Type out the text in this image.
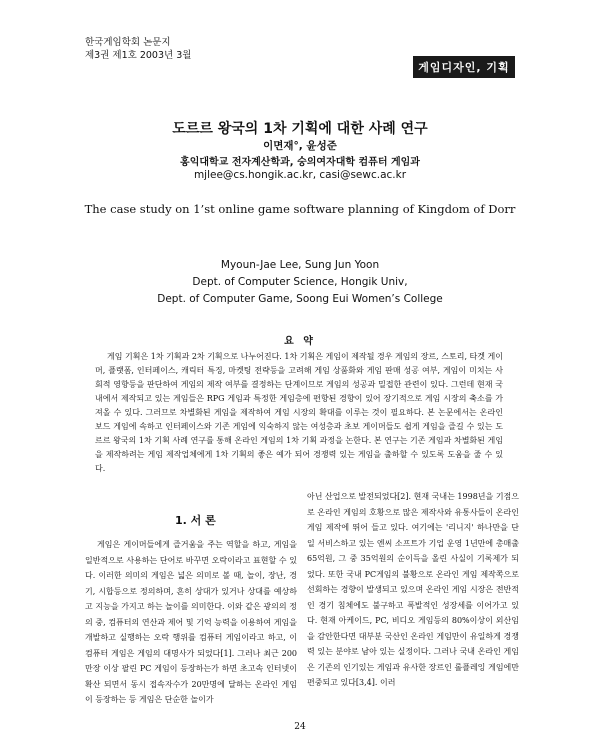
한국게임학회 논문지
제3권 제1호 2003년 3월
게임디자인, 기획
도르르 왕국의 1차 기획에 대한 사례 연구
이면재°, 윤성준
홍익대학교 전자계산학과, 숭의여자대학 컴퓨터 게임과
mjlee@cs.hongik.ac.kr, casi@sewc.ac.kr
The case study on 1’st online game software planning of Kingdom of Dorr
Myoun-Jae Lee, Sung Jun Yoon
Dept. of Computer Science, Hongik Univ,
Dept. of Computer Game, Soong Eui Women’s College
요 약
게임 기획은 1차 기획과 2차 기획으로 나누어진다. 1차 기획은 게임이 제작될 경우 게임의 장르, 스토리, 타겟 게이머, 플랫폼, 인터페이스, 캐릭터 특징, 마켓팅 전략등을 고려해 게임 상품화와 게임 판매 성공 여부, 게임이 미치는 사회적 영향등을 판단하여 게임의 제작 여부를 결정하는 단계이므로 게임의 성공과 밀접한 관련이 있다. 그런데 현재 국내에서 제작되고 있는 게임들은 RPG 게임과 특정한 게임층에 편향된 경향이 있어 장기적으로 게임 시장의 축소를 가져올 수 있다. 그러므로 차별화된 게임을 제작하여 게임 시장의 확대를 이루는 것이 필요하다. 본 논문에서는 온라인 보드 게임에 속하고 인터페이스와 기존 게임에 익숙하지 않는 여성층과 초보 게이머들도 쉽게 게임을 즐길 수 있는 도르르 왕국의 1차 기획 사례 연구를 통해 온라인 게임의 1차 기획 과정을 논한다. 본 연구는 기존 게임과 차별화된 게임을 제작하려는 게임 제작업체에게 1차 기획의 좋은 예가 되어 경쟁력 있는 게임을 출하할 수 있도록 도움을 줄 수 있다.
1. 서 론
게임은 게이머들에게 즐거움을 주는 역할을 하고, 게임을 일반적으로 사용하는 단어로 바꾸면 오락이라고 표현할 수 있다. 이러한 의미의 게임은 넓은 의미로 볼 때, 놀이, 장난, 경기, 시합등으로 정의하며, 흔히 상대가 있거나 상대를 예상하고 지능을 가지고 하는 놀이를 의미한다. 이와 같은 광의의 정의 중, 컴퓨터의 연산과 제어 및 기억 능력을 이용하여 게임을 개발하고 실행하는 오락 행위를 컴퓨터 게임이라고 하고, 이 컴퓨터 게임은 게임의 대명사가 되었다[1]. 그러나 최근 200만장 이상 팔린 PC 게임이 등장하는가 하면 초고속 인터넷이 확산 되면서 동시 접속자수가 20만명에 달하는 온라인 게임이 등장하는 등 게임은 단순한 놀이가
아닌 산업으로 발전되었다[2]. 현재 국내는 1998년을 기점으로 온라인 게임의 호황으로 많은 제작사와 유통사들이 온라인 게임 제작에 뛰어 들고 있다. 여기에는 '리니지' 하나만을 단일 서비스하고 있는 엔씨 소프트가 기업 운영 1년만에 총매출 65억원, 그 중 35억원의 순이득을 올린 사실이 기록제가 되었다. 또한 국내 PC게임의 불황으로 온라인 게임 제작쪽으로 선회하는 경향이 발생되고 있으며 온라인 게임 시장은 전반적인 경기 침체에도 불구하고 폭발적인 성장세를 이어가고 있다. 현재 아케이드, PC, 비디오 게임등의 80%이상이 외산임을 감안한다면 대부분 국산인 온라인 게임만이 유일하게 경쟁력 있는 분야로 남아 있는 실정이다. 그러나 국내 온라인 게임은 기존의 인기있는 게임과 유사한 장르인 롤플레잉 게임에만 편중되고 있다[3,4]. 이러
24
